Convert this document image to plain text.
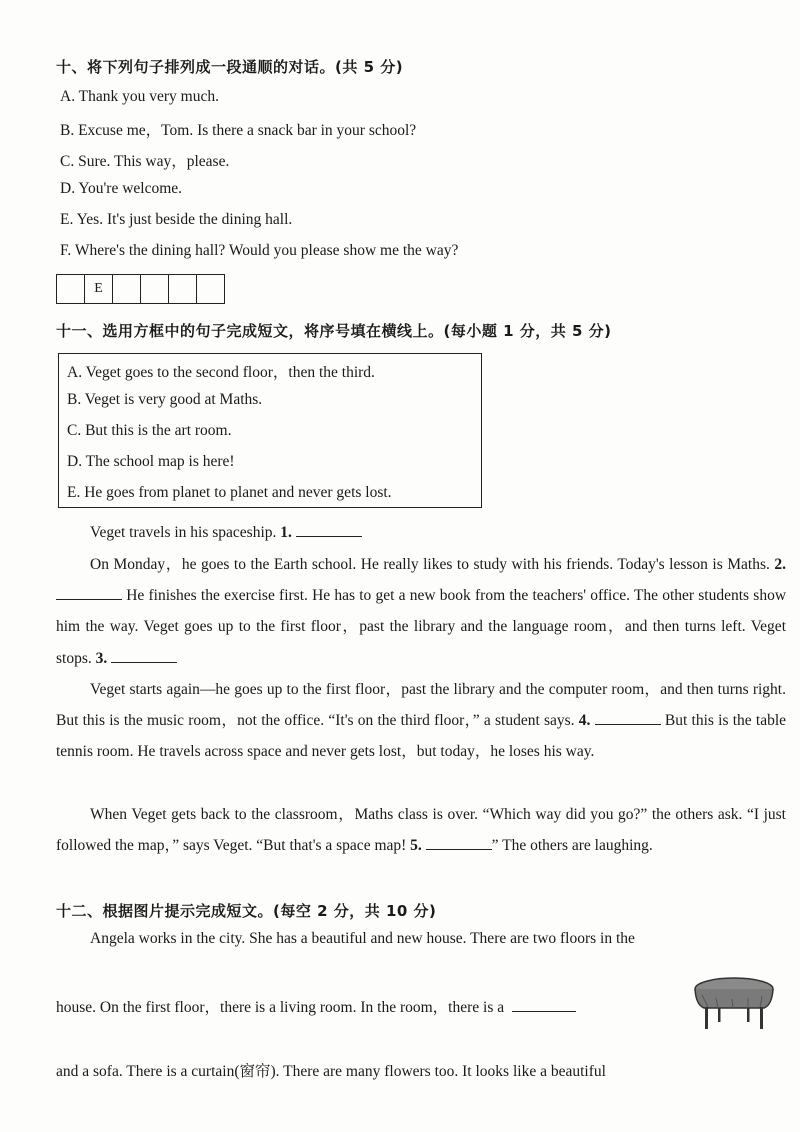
十、将下列句子排列成一段通顺的对话。(共 5 分)
A. Thank you very much.
B. Excuse me，Tom. Is there a snack bar in your school?
C. Sure. This way，please.
D. You're welcome.
E. Yes. It's just beside the dining hall.
F. Where's the dining hall? Would you please show me the way?
E
十一、选用方框中的句子完成短文，将序号填在横线上。(每小题 1 分，共 5 分)
A. Veget goes to the second floor，then the third.
B. Veget is very good at Maths.
C. But this is the art room.
D. The school map is here!
E. He goes from planet to planet and never gets lost.
Veget travels in his spaceship. 1.
On Monday，he goes to the Earth school. He really likes to study with his friends. Today's lesson is Maths. 2.  He finishes the exercise first. He has to get a new book from the teachers' office. The other students show him the way. Veget goes up to the first floor，past the library and the language room，and then turns left. Veget stops. 3.
Veget starts again—he goes up to the first floor，past the library and the computer room，and then turns right. But this is the music room，not the office. “It's on the third floor，” a student says. 4.	But this is the table tennis room. He travels across space and never gets lost，but today，he loses his way.
When Veget gets back to the classroom，Maths class is over. “Which way did you go?” the others ask. “I just followed the map，” says Veget. “But that's a space map! 5.	” The others are laughing.
十二、根据图片提示完成短文。(每空 2 分，共 10 分)
Angela works in the city. She has a beautiful and new house. There are two floors in the
house. On the first floor，there is a living room. In the room，there is a
and a sofa. There is a curtain(窗帘). There are many flowers too. It looks like a beautiful
